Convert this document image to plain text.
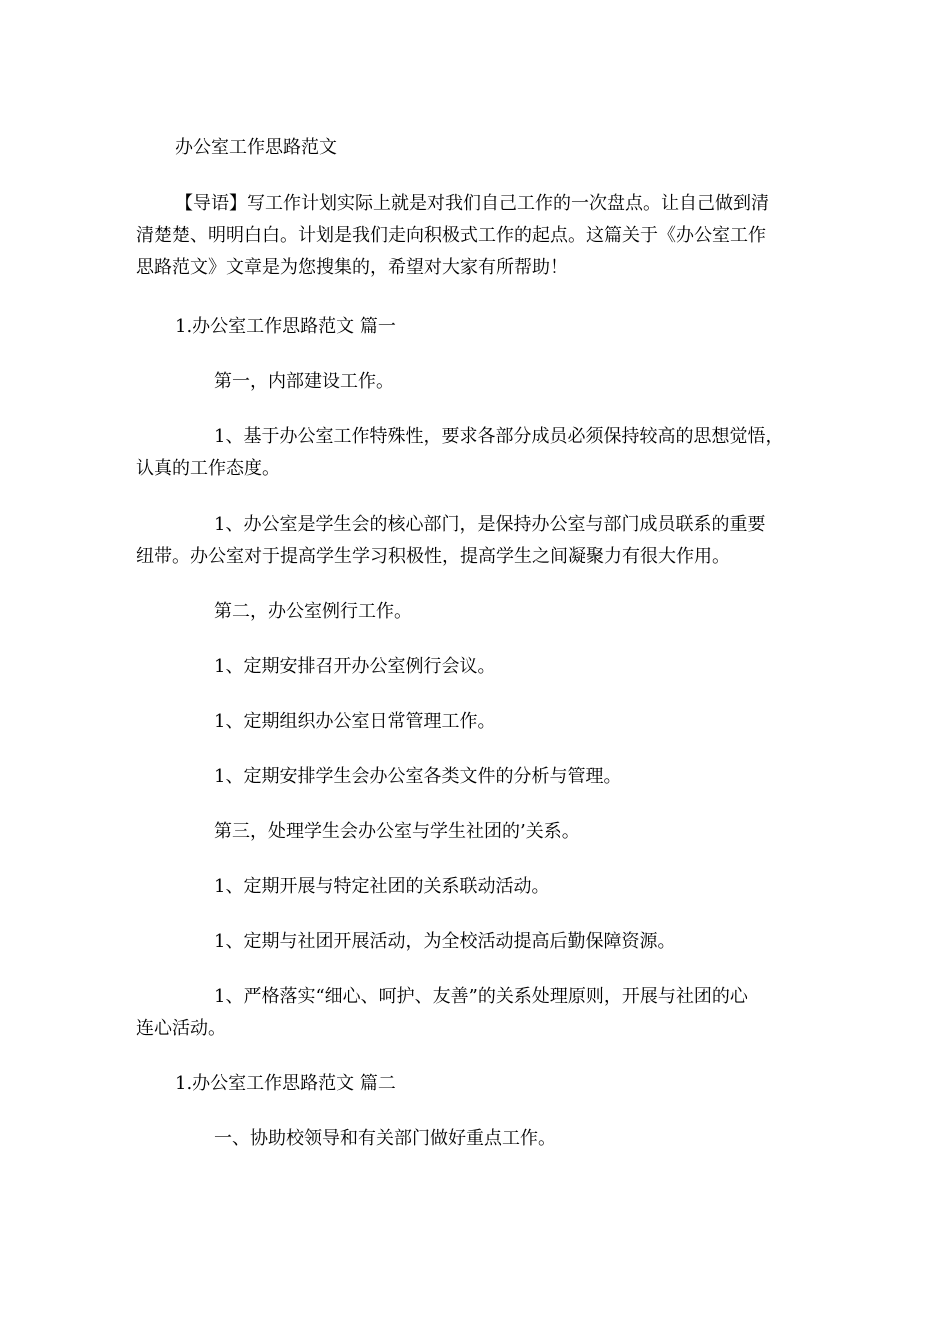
办公室工作思路范文

【导语】写工作计划实际上就是对我们自己工作的一次盘点。让自己做到清
清楚楚、明明白白。计划是我们走向积极式工作的起点。这篇关于《办公室工作
思路范文》文章是为您搜集的，希望对大家有所帮助！

1.办公室工作思路范文 篇一

第一，内部建设工作。

1、基于办公室工作特殊性，要求各部分成员必须保持较高的思想觉悟，
认真的工作态度。
1、办公室是学生会的核心部门，是保持办公室与部门成员联系的重要
纽带。办公室对于提高学生学习积极性，提高学生之间凝聚力有很大作用。

第二，办公室例行工作。

1、定期安排召开办公室例行会议。

1、定期组织办公室日常管理工作。

1、定期安排学生会办公室各类文件的分析与管理。

第三，处理学生会办公室与学生社团的’关系。

1、定期开展与特定社团的关系联动活动。

1、定期与社团开展活动，为全校活动提高后勤保障资源。

1、严格落实“细心、呵护、友善”的关系处理原则，开展与社团的心
连心活动。

1.办公室工作思路范文 篇二

一、协助校领导和有关部门做好重点工作。
